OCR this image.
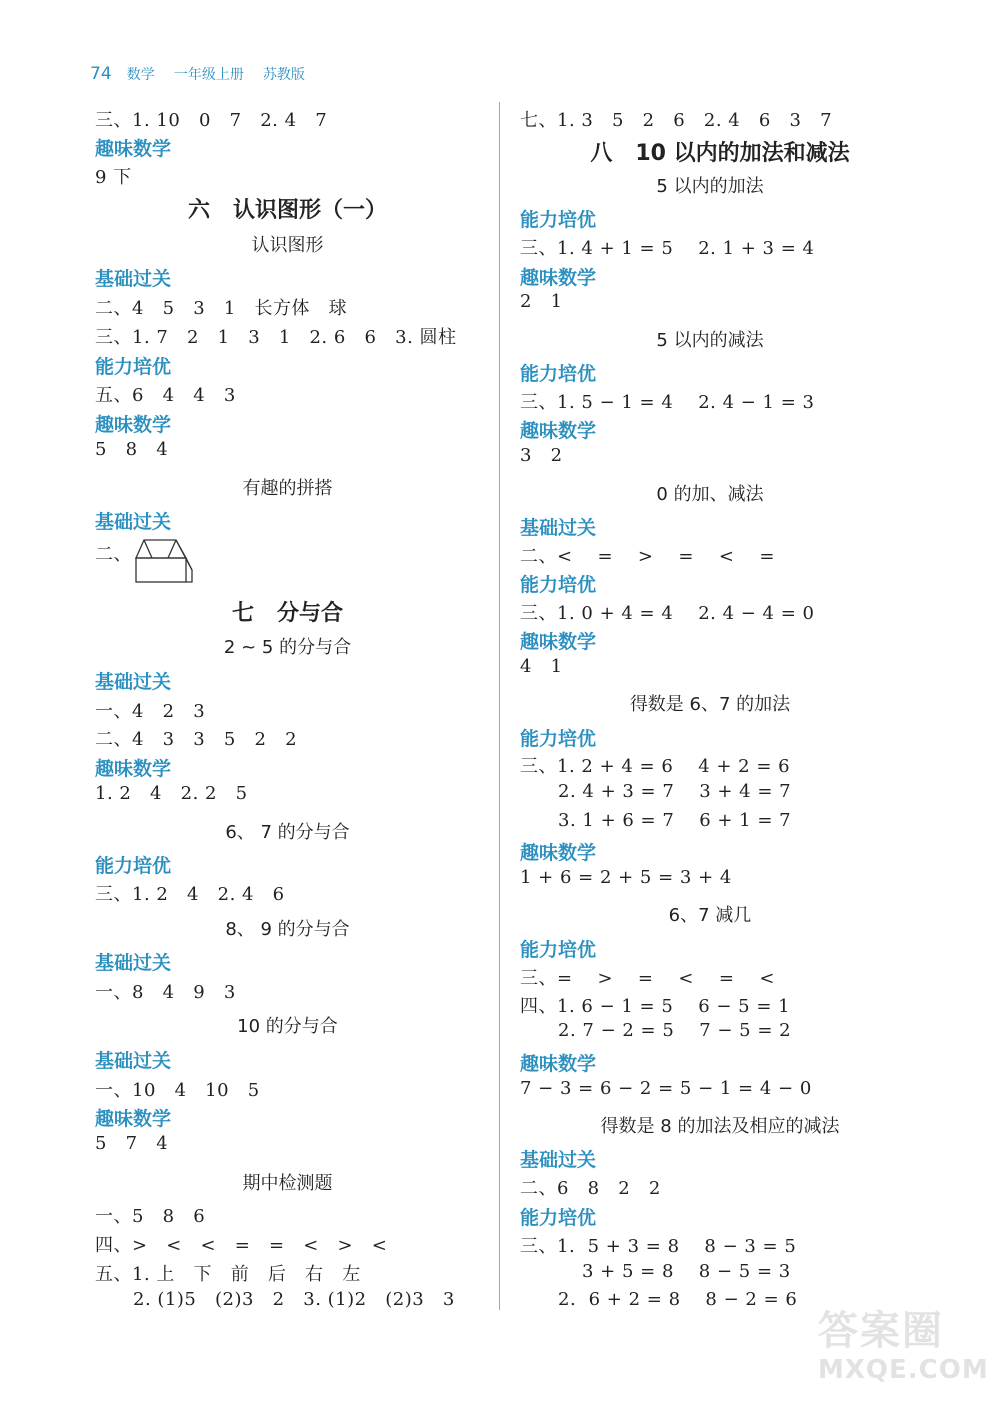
74 数学 一年级上册 苏教版
三、1. 10   0   7   2. 4   7
趣味数学
9 下
六   认识图形（一）
认识图形
基础过关
二、4   5   3   1   长方体   球
三、1. 7   2   1   3   1   2. 6   6   3. 圆柱
能力培优
五、6   4   4   3
趣味数学
5   8   4
有趣的拼搭
基础过关
二、
七   分与合
2 ~ 5 的分与合
基础过关
一、4   2   3
二、4   3   3   5   2   2
趣味数学
1. 2   4   2. 2   5
6、 7 的分与合
能力培优
三、1. 2   4   2. 4   6
8、 9 的分与合
基础过关
一、8   4   9   3
10 的分与合
基础过关
一、10   4   10   5
趣味数学
5   7   4
期中检测题
一、5   8   6
四、>   <   <   =   =   <   >   <
五、1. 上   下   前   后   右   左
2. (1)5   (2)3   2   3. (1)2   (2)3   3
七、1. 3   5   2   6   2. 4   6   3   7
八   10 以内的加法和减法
5 以内的加法
能力培优
三、1. 4 + 1 = 5    2. 1 + 3 = 4
趣味数学
2   1
5 以内的减法
能力培优
三、1. 5 − 1 = 4    2. 4 − 1 = 3
趣味数学
3   2
0 的加、减法
基础过关
二、<    =    >    =    <    =
能力培优
三、1. 0 + 4 = 4    2. 4 − 4 = 0
趣味数学
4   1
得数是 6、7 的加法
能力培优
三、1. 2 + 4 = 6    4 + 2 = 6
2. 4 + 3 = 7    3 + 4 = 7
3. 1 + 6 = 7    6 + 1 = 7
趣味数学
1 + 6 = 2 + 5 = 3 + 4
6、7 减几
能力培优
三、=    >    =    <    =    <
四、1. 6 − 1 = 5    6 − 5 = 1
2. 7 − 2 = 5    7 − 5 = 2
趣味数学
7 − 3 = 6 − 2 = 5 − 1 = 4 − 0
得数是 8 的加法及相应的减法
基础过关
二、6   8   2   2
能力培优
三、1.  5 + 3 = 8    8 − 3 = 5
3 + 5 = 8    8 − 5 = 3
2.  6 + 2 = 8    8 − 2 = 6
答案圈
MXQE.COM
